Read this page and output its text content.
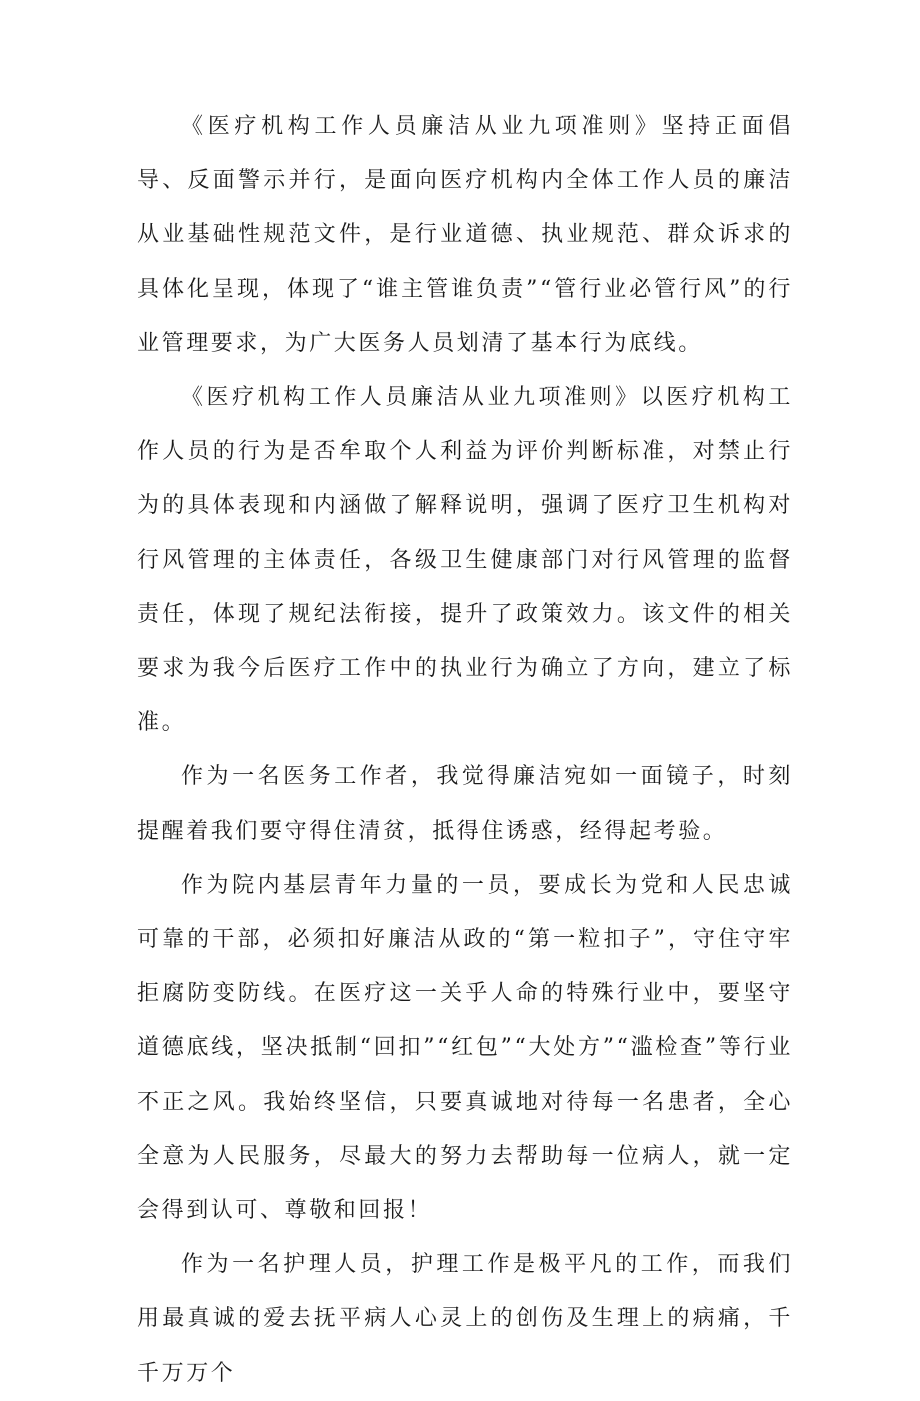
《医疗机构工作人员廉洁从业九项准则》坚持正面倡导、反面警示并行，是面向医疗机构内全体工作人员的廉洁从业基础性规范文件，是行业道德、执业规范、群众诉求的具体化呈现，体现了“谁主管谁负责”“管行业必管行风”的行业管理要求，为广大医务人员划清了基本行为底线。

《医疗机构工作人员廉洁从业九项准则》以医疗机构工作人员的行为是否牟取个人利益为评价判断标准，对禁止行为的具体表现和内涵做了解释说明，强调了医疗卫生机构对行风管理的主体责任，各级卫生健康部门对行风管理的监督责任，体现了规纪法衔接，提升了政策效力。该文件的相关要求为我今后医疗工作中的执业行为确立了方向，建立了标准。

作为一名医务工作者，我觉得廉洁宛如一面镜子，时刻提醒着我们要守得住清贫，抵得住诱惑，经得起考验。

作为院内基层青年力量的一员，要成长为党和人民忠诚可靠的干部，必须扣好廉洁从政的“第一粒扣子”，守住守牢拒腐防变防线。在医疗这一关乎人命的特殊行业中，要坚守道德底线，坚决抵制“回扣”“红包”“大处方”“滥检查”等行业不正之风。我始终坚信，只要真诚地对待每一名患者，全心全意为人民服务，尽最大的努力去帮助每一位病人，就一定会得到认可、尊敬和回报！

作为一名护理人员，护理工作是极平凡的工作，而我们用最真诚的爱去抚平病人心灵上的创伤及生理上的病痛，千千万万个
